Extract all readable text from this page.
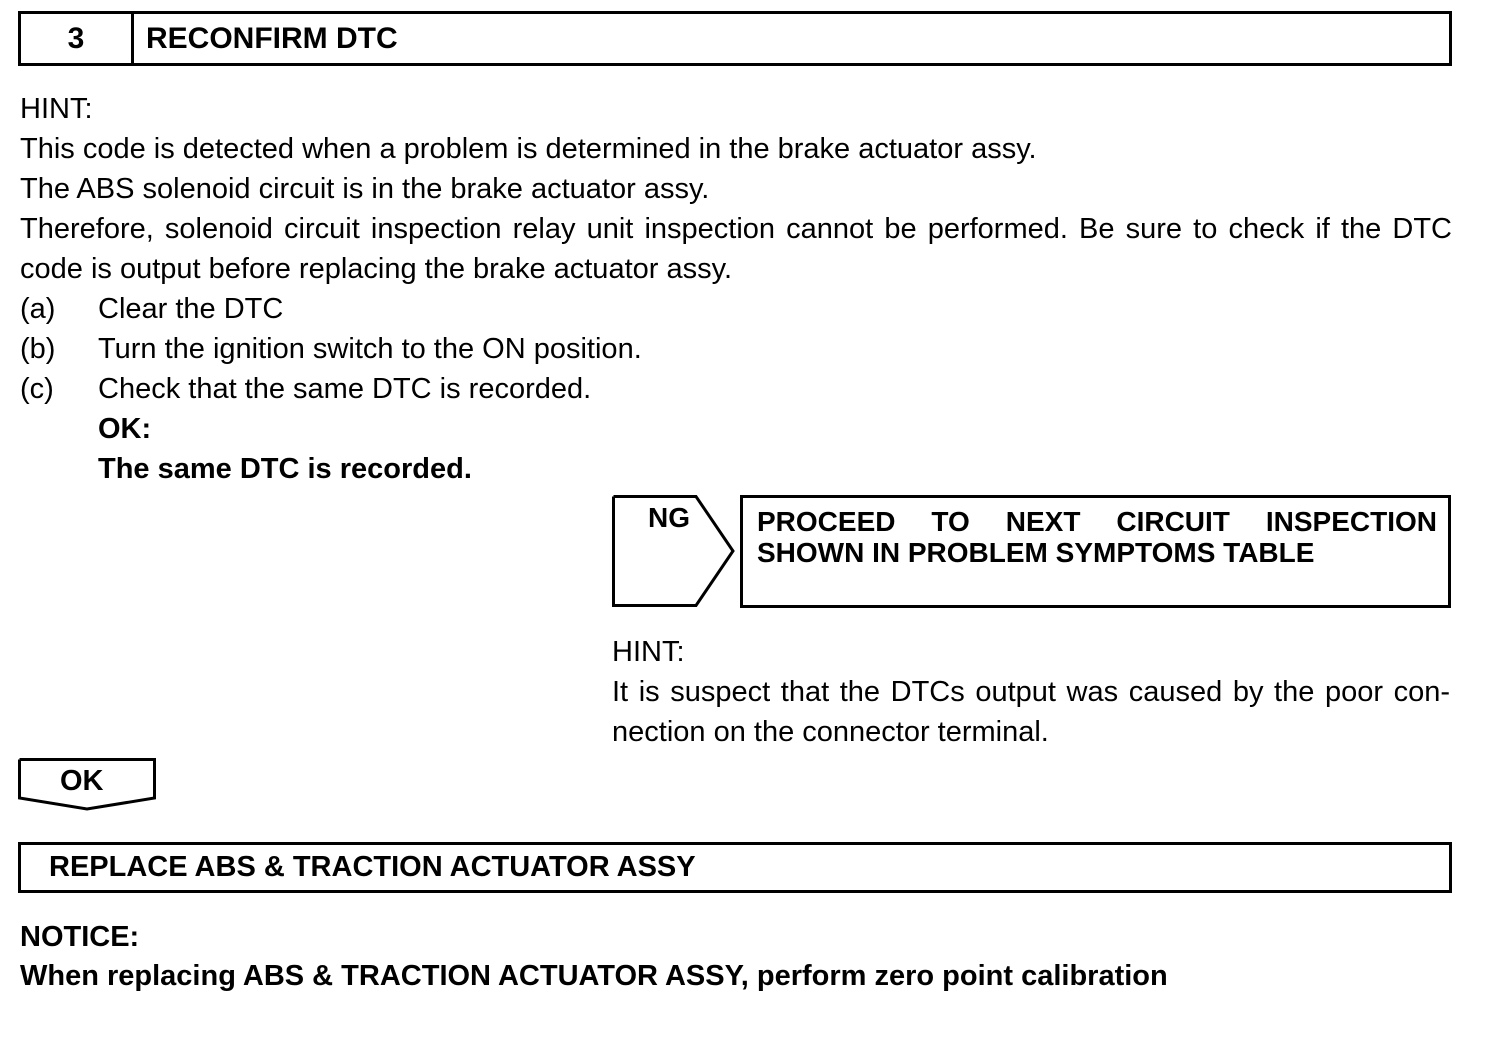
3	RECONFIRM DTC
HINT:
This code is detected when a problem is determined in the brake actuator assy.
The ABS solenoid circuit is in the brake actuator assy.
Therefore, solenoid circuit inspection relay unit inspection cannot be performed. Be sure to check if the DTC
code is output before replacing the brake actuator assy.
(a) Clear the DTC
(b) Turn the ignition switch to the ON position.
(c) Check that the same DTC is recorded.
OK:
The same DTC is recorded.
NG PROCEED TO NEXT CIRCUIT INSPECTION SHOWN IN PROBLEM SYMPTOMS TABLE
HINT:
It is suspect that the DTCs output was caused by the poor con-nection on the connector terminal.
OK
REPLACE ABS & TRACTION ACTUATOR ASSY
NOTICE:
When replacing ABS & TRACTION ACTUATOR ASSY, perform zero point calibration
